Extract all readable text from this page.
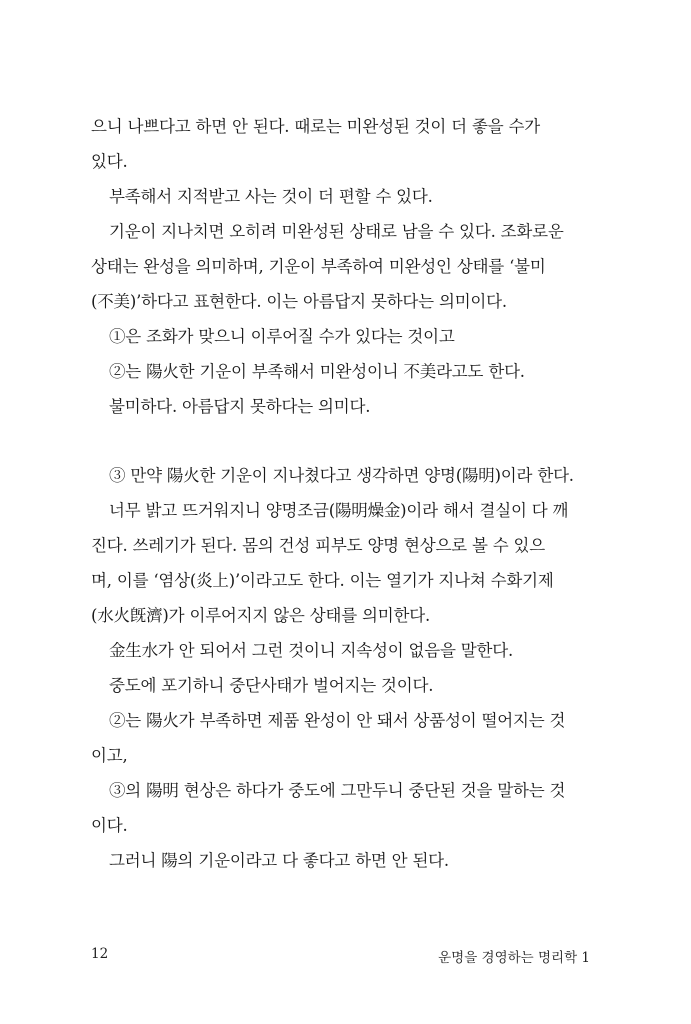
으니 나쁘다고 하면 안 된다. 때로는 미완성된 것이 더 좋을 수가
있다.
부족해서 지적받고 사는 것이 더 편할 수 있다.
기운이 지나치면 오히려 미완성된 상태로 남을 수 있다. 조화로운
상태는 완성을 의미하며, 기운이 부족하여 미완성인 상태를 ‘불미
(不美)’하다고 표현한다. 이는 아름답지 못하다는 의미이다.
①은 조화가 맞으니 이루어질 수가 있다는 것이고
②는 陽火한 기운이 부족해서 미완성이니 不美라고도 한다.
불미하다. 아름답지 못하다는 의미다.
③ 만약 陽火한 기운이 지나쳤다고 생각하면 양명(陽明)이라 한다.
너무 밝고 뜨거워지니 양명조금(陽明燥金)이라 해서 결실이 다 깨
진다. 쓰레기가 된다. 몸의 건성 피부도 양명 현상으로 볼 수 있으
며, 이를 ‘염상(炎上)’이라고도 한다. 이는 열기가 지나쳐 수화기제
(水火旣濟)가 이루어지지 않은 상태를 의미한다.
金生水가 안 되어서 그런 것이니 지속성이 없음을 말한다.
중도에 포기하니 중단사태가 벌어지는 것이다.
②는 陽火가 부족하면 제품 완성이 안 돼서 상품성이 떨어지는 것
이고,
③의 陽明 현상은 하다가 중도에 그만두니 중단된 것을 말하는 것
이다.
그러니 陽의 기운이라고 다 좋다고 하면 안 된다.
12	운명을 경영하는 명리학 1
